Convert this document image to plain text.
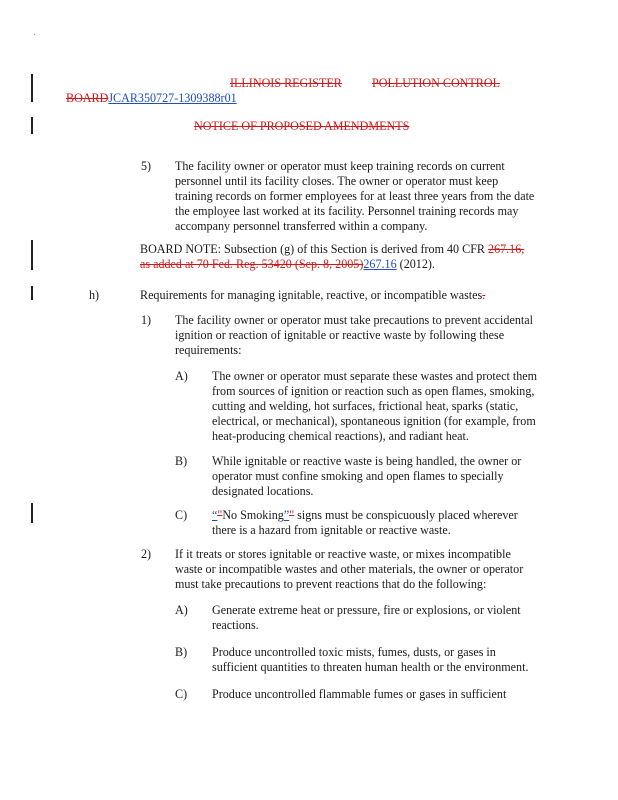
ILLINOIS REGISTER POLLUTION CONTROL
BOARDJCAR350727-1309388r01
NOTICE OF PROPOSED AMENDMENTS
5) The facility owner or operator must keep training records on current
personnel until its facility closes. The owner or operator must keep
training records on former employees for at least three years from the date
the employee last worked at its facility. Personnel training records may
accompany personnel transferred within a company.
BOARD NOTE: Subsection (g) of this Section is derived from 40 CFR 267.16,
as added at 70 Fed. Reg. 53420 (Sep. 8, 2005)267.16 (2012).
h)	Requirements for managing ignitable, reactive, or incompatible wastes.
1) The facility owner or operator must take precautions to prevent accidental
ignition or reaction of ignitable or reactive waste by following these
requirements:
A) The owner or operator must separate these wastes and protect them
from sources of ignition or reaction such as open flames, smoking,
cutting and welding, hot surfaces, frictional heat, sparks (static,
electrical, or mechanical), spontaneous ignition (for example, from
heat-producing chemical reactions), and radiant heat.
B) While ignitable or reactive waste is being handled, the owner or
operator must confine smoking and open flames to specially
designated locations.
C) “"No Smoking”" signs must be conspicuously placed wherever
there is a hazard from ignitable or reactive waste.
2) If it treats or stores ignitable or reactive waste, or mixes incompatible
waste or incompatible wastes and other materials, the owner or operator
must take precautions to prevent reactions that do the following:
A) Generate extreme heat or pressure, fire or explosions, or violent
reactions.
B) Produce uncontrolled toxic mists, fumes, dusts, or gases in
sufficient quantities to threaten human health or the environment.
C) Produce uncontrolled flammable fumes or gases in sufficient
